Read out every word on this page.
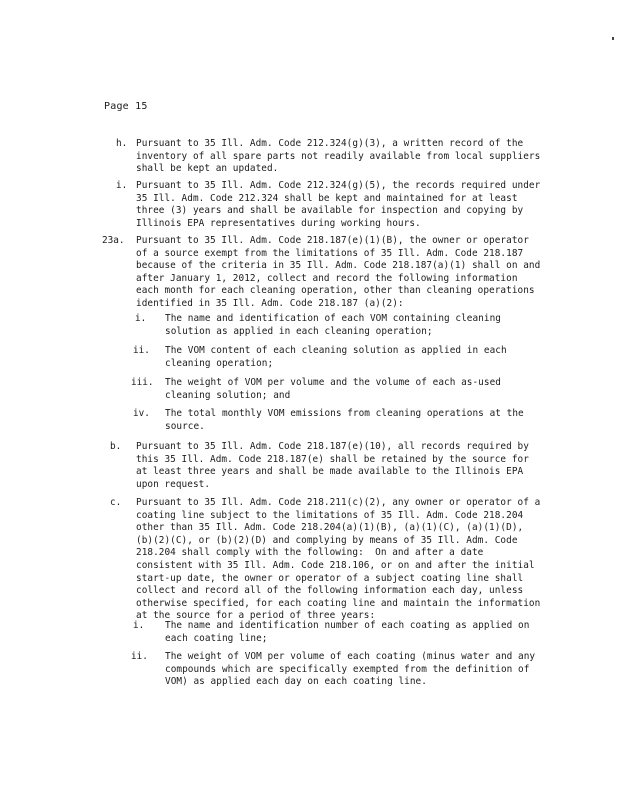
Page 15
h. Pursuant to 35 Ill. Adm. Code 212.324(g)(3), a written record of the
inventory of all spare parts not readily available from local suppliers
shall be kept an updated.
i. Pursuant to 35 Ill. Adm. Code 212.324(g)(5), the records required under
35 Ill. Adm. Code 212.324 shall be kept and maintained for at least
three (3) years and shall be available for inspection and copying by
Illinois EPA representatives during working hours.
23a. Pursuant to 35 Ill. Adm. Code 218.187(e)(1)(B), the owner or operator
of a source exempt from the limitations of 35 Ill. Adm. Code 218.187
because of the criteria in 35 Ill. Adm. Code 218.187(a)(1) shall on and
after January 1, 2012, collect and record the following information
each month for each cleaning operation, other than cleaning operations
identified in 35 Ill. Adm. Code 218.187 (a)(2):
i. The name and identification of each VOM containing cleaning
solution as applied in each cleaning operation;
ii. The VOM content of each cleaning solution as applied in each
cleaning operation;
iii. The weight of VOM per volume and the volume of each as-used
cleaning solution; and
iv. The total monthly VOM emissions from cleaning operations at the
source.
b. Pursuant to 35 Ill. Adm. Code 218.187(e)(10), all records required by
this 35 Ill. Adm. Code 218.187(e) shall be retained by the source for
at least three years and shall be made available to the Illinois EPA
upon request.
c. Pursuant to 35 Ill. Adm. Code 218.211(c)(2), any owner or operator of a
coating line subject to the limitations of 35 Ill. Adm. Code 218.204
other than 35 Ill. Adm. Code 218.204(a)(1)(B), (a)(1)(C), (a)(1)(D),
(b)(2)(C), or (b)(2)(D) and complying by means of 35 Ill. Adm. Code
218.204 shall comply with the following:  On and after a date
consistent with 35 Ill. Adm. Code 218.106, or on and after the initial
start-up date, the owner or operator of a subject coating line shall
collect and record all of the following information each day, unless
otherwise specified, for each coating line and maintain the information
at the source for a period of three years:
i. The name and identification number of each coating as applied on
each coating line;
ii. The weight of VOM per volume of each coating (minus water and any
compounds which are specifically exempted from the definition of
VOM) as applied each day on each coating line.
